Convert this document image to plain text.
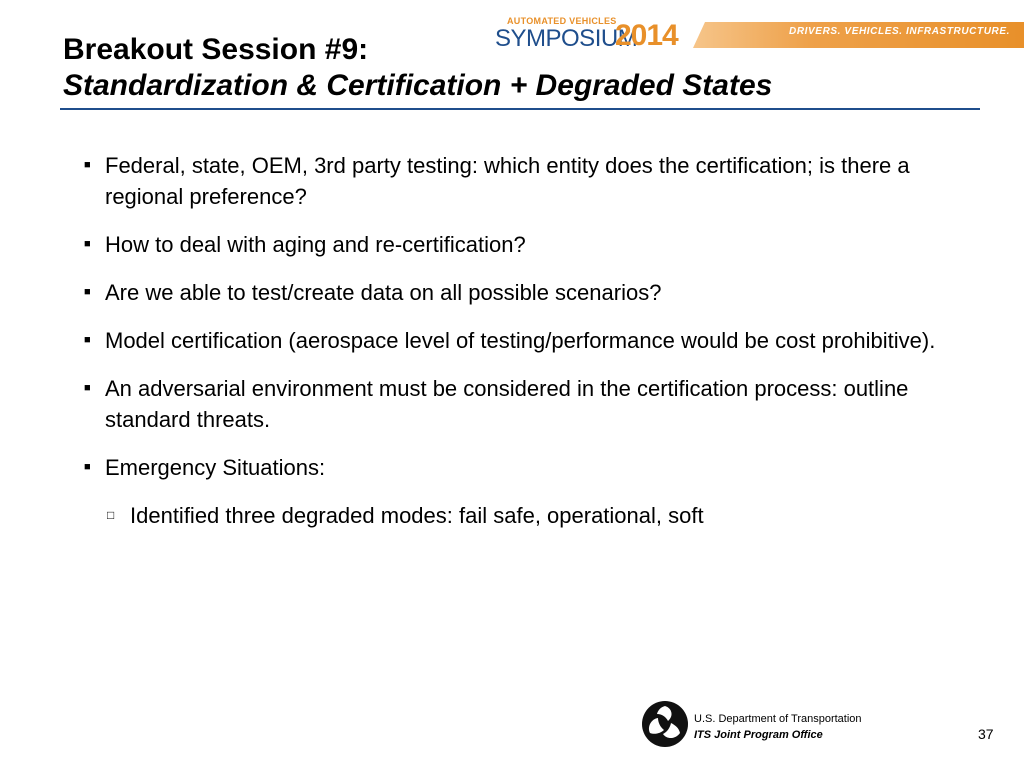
Breakout Session #9:
Standardization & Certification + Degraded States
AUTOMATED VEHICLES
SYMPOSIUM
2014	DRIVERS. VEHICLES. INFRASTRUCTURE.
■ Federal, state, OEM, 3rd party testing: which entity does the certification; is there a regional preference?
■ How to deal with aging and re-certification?
■ Are we able to test/create data on all possible scenarios?
■ Model certification (aerospace level of testing/performance would be cost prohibitive).
■ An adversarial environment must be considered in the certification process: outline standard threats.
■ Emergency Situations:
□ Identified three degraded modes: fail safe, operational, soft
U.S. Department of Transportation
ITS Joint Program Office	37
